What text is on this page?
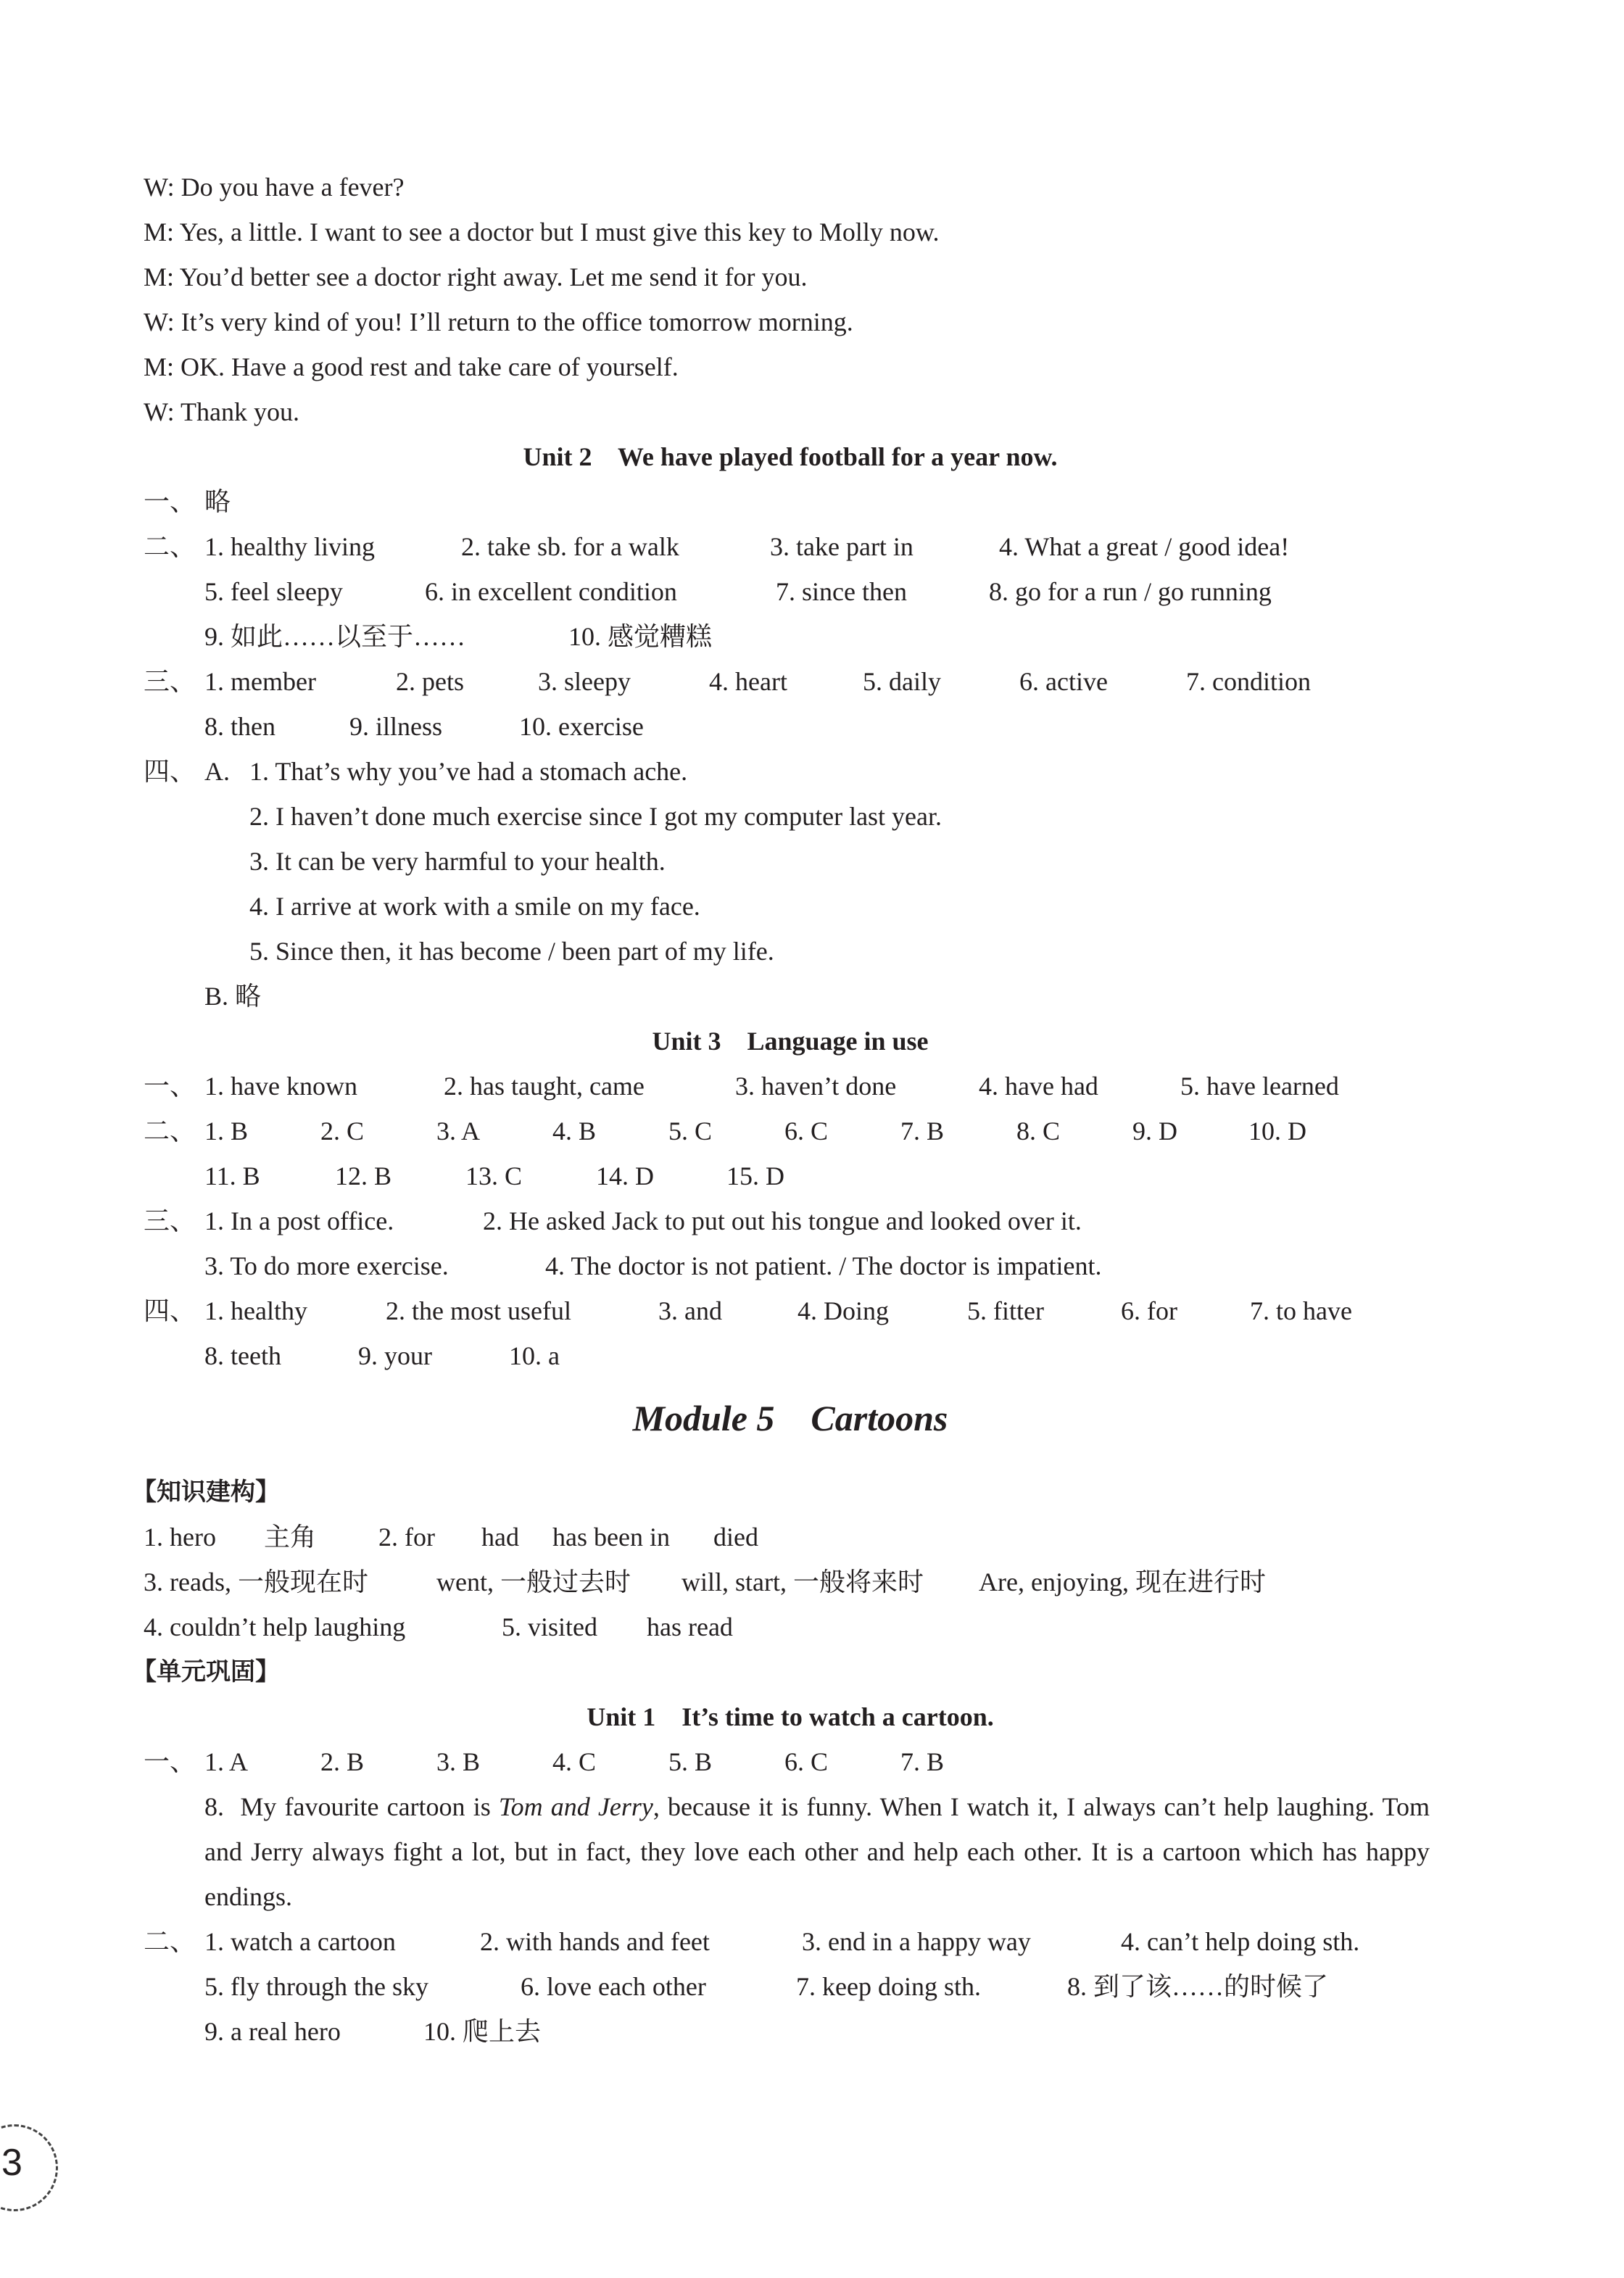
W: Do you have a fever?
M: Yes, a little. I want to see a doctor but I must give this key to Molly now.
M: You’d better see a doctor right away. Let me send it for you.
W: It’s very kind of you! I’ll return to the office tomorrow morning.
M: OK. Have a good rest and take care of yourself.
W: Thank you.
Unit 2    We have played football for a year now.
一、 略
二、 1. healthy living	2. take sb. for a walk	3. take part in	4. What a great / good idea!
5. feel sleepy	6. in excellent condition	7. since then	8. go for a run / go running
9. 如此……以至于……	10. 感觉糟糕
三、 1. member	2. pets	3. sleepy	4. heart	5. daily	6. active	7. condition
8. then	9. illness	10. exercise
四、 A. 1. That’s why you’ve had a stomach ache.
2. I haven’t done much exercise since I got my computer last year.
3. It can be very harmful to your health.
4. I arrive at work with a smile on my face.
5. Since then, it has become / been part of my life.
B. 略
Unit 3    Language in use
一、 1. have known	2. has taught, came	3. haven’t done	4. have had	5. have learned
二、 1. B	2. C	3. A	4. B	5. C	6. C	7. B	8. C	9. D	10. D
11. B	12. B	13. C	14. D	15. D
三、 1. In a post office.	2. He asked Jack to put out his tongue and looked over it.
3. To do more exercise.	4. The doctor is not patient. / The doctor is impatient.
四、 1. healthy	2. the most useful	3. and	4. Doing	5. fitter	6. for	7. to have
8. teeth	9. your	10. a
Module 5    Cartoons
【知识建构】
1. hero 主角 2. for had has been in died
3. reads, 一般现在时	went, 一般过去时 will, start, 一般将来时 Are, enjoying, 现在进行时
4. couldn’t help laughing	5. visited has read
【单元巩固】
Unit 1    It’s time to watch a cartoon.
一、 1. A	2. B	3. B	4. C	5. B	6. C	7. B
8.  My favourite cartoon is Tom and Jerry, because it is funny. When I watch it, I always can’t help laughing. Tom and Jerry always fight a lot, but in fact, they love each other and help each other. It is a cartoon which has happy endings.
二、 1. watch a cartoon	2. with hands and feet	3. end in a happy way	4. can’t help doing sth.
5. fly through the sky	6. love each other	7. keep doing sth.	8. 到了该……的时候了
9. a real hero	10. 爬上去
3
